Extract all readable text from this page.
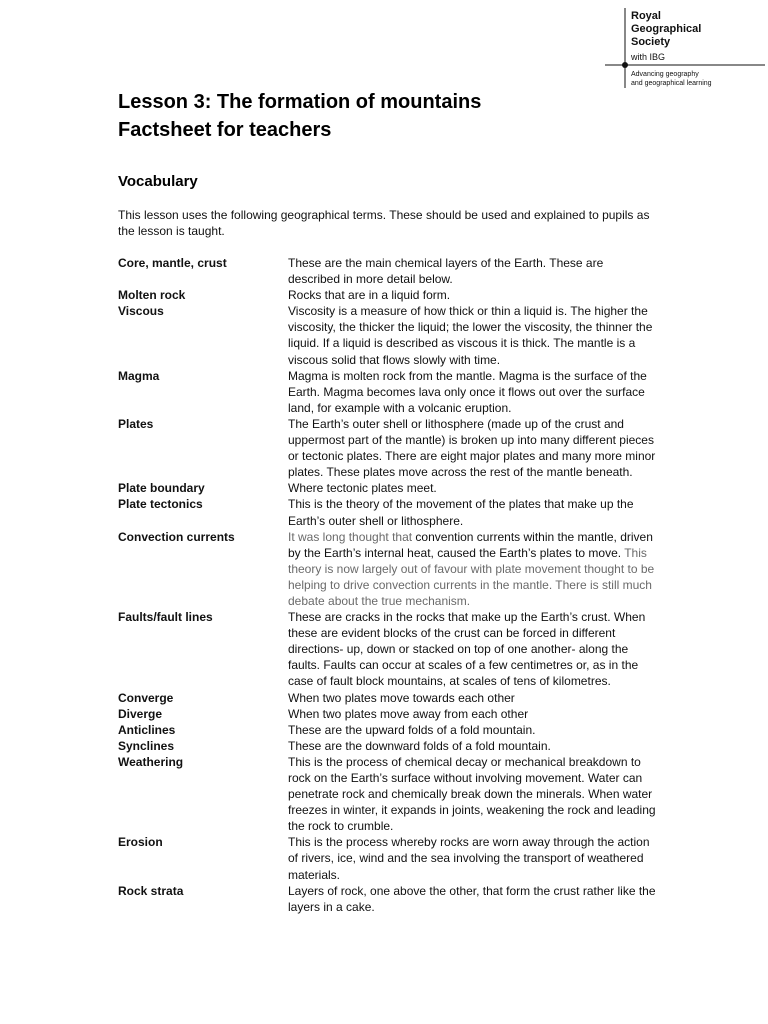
Royal
Geographical
Society
with IBG
Advancing geography
and geographical learning
Lesson 3: The formation of mountains
Factsheet for teachers
Vocabulary
This lesson uses the following geographical terms. These should be used and explained to pupils as the lesson is taught.
Core, mantle, crust	These are the main chemical layers of the Earth. These are described in more detail below.
Molten rock	Rocks that are in a liquid form.
Viscous	Viscosity is a measure of how thick or thin a liquid is. The higher the viscosity, the thicker the liquid; the lower the viscosity, the thinner the liquid. If a liquid is described as viscous it is thick. The mantle is a viscous solid that flows slowly with time.
Magma	Magma is molten rock from the mantle. Magma is the surface of the Earth. Magma becomes lava only once it flows out over the surface land, for example with a volcanic eruption.
Plates	The Earth’s outer shell or lithosphere (made up of the crust and uppermost part of the mantle) is broken up into many different pieces or tectonic plates. There are eight major plates and many more minor plates. These plates move across the rest of the mantle beneath.
Plate boundary	Where tectonic plates meet.
Plate tectonics	This is the theory of the movement of the plates that make up the Earth’s outer shell or lithosphere.
Convection currents	It was long thought that convention currents within the mantle, driven by the Earth’s internal heat, caused the Earth’s plates to move. This theory is now largely out of favour with plate movement thought to be helping to drive convection currents in the mantle. There is still much debate about the true mechanism.
Faults/fault lines	These are cracks in the rocks that make up the Earth’s crust. When these are evident blocks of the crust can be forced in different directions- up, down or stacked on top of one another- along the faults. Faults can occur at scales of a few centimetres or, as in the case of fault block mountains, at scales of tens of kilometres.
Converge	When two plates move towards each other
Diverge	When two plates move away from each other
Anticlines	These are the upward folds of a fold mountain.
Synclines	These are the downward folds of a fold mountain.
Weathering	This is the process of chemical decay or mechanical breakdown to rock on the Earth’s surface without involving movement. Water can penetrate rock and chemically break down the minerals. When water freezes in winter, it expands in joints, weakening the rock and leading the rock to crumble.
Erosion	This is the process whereby rocks are worn away through the action of rivers, ice, wind and the sea involving the transport of weathered materials.
Rock strata	Layers of rock, one above the other, that form the crust rather like the layers in a cake.
